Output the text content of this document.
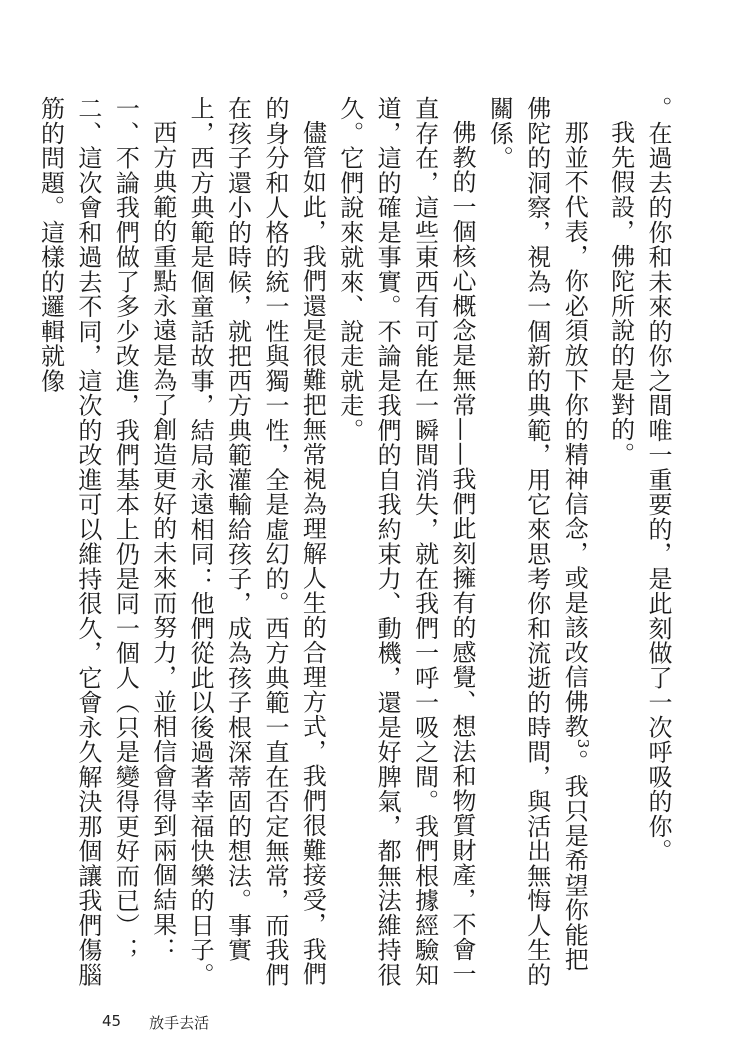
。在過去的你和未來的你之間唯一重要的，是此刻做了一次呼吸的你。

我先假設，佛陀所說的是對的。

那並不代表，你必須放下你的精神信念，或是該改信佛教$^3$。我只是希望你能把佛陀的洞察，視為一個新的典範，用它來思考你和流逝的時間，與活出無悔人生的關係。

佛教的一個核心概念是無常——我們此刻擁有的感覺、想法和物質財產，不會一直存在，這些東西有可能在一瞬間消失，就在我們一呼一吸之間。我們根據經驗知道，這的確是事實。不論是我們的自我約束力、動機，還是好脾氣，都無法維持很久。它們說來就來、說走就走。

儘管如此，我們還是很難把無常視為理解人生的合理方式，我們很難接受，我們的身分和人格的統一性與獨一性，全是虛幻的。西方典範一直在否定無常，而我們在孩子還小的時候，就把西方典範灌輸給孩子，成為孩子根深蒂固的想法。事實上，西方典範是個童話故事，結局永遠相同：他們從此以後過著幸福快樂的日子。

西方典範的重點永遠是為了創造更好的未來而努力，並相信會得到兩個結果：一、不論我們做了多少改進，我們基本上仍是同一個人（只是變得更好而已）；二、這次會和過去不同，這次的改進可以維持很久，它會永久解決那個讓我們傷腦筋的問題。這樣的邏輯就像

45 放手去活
